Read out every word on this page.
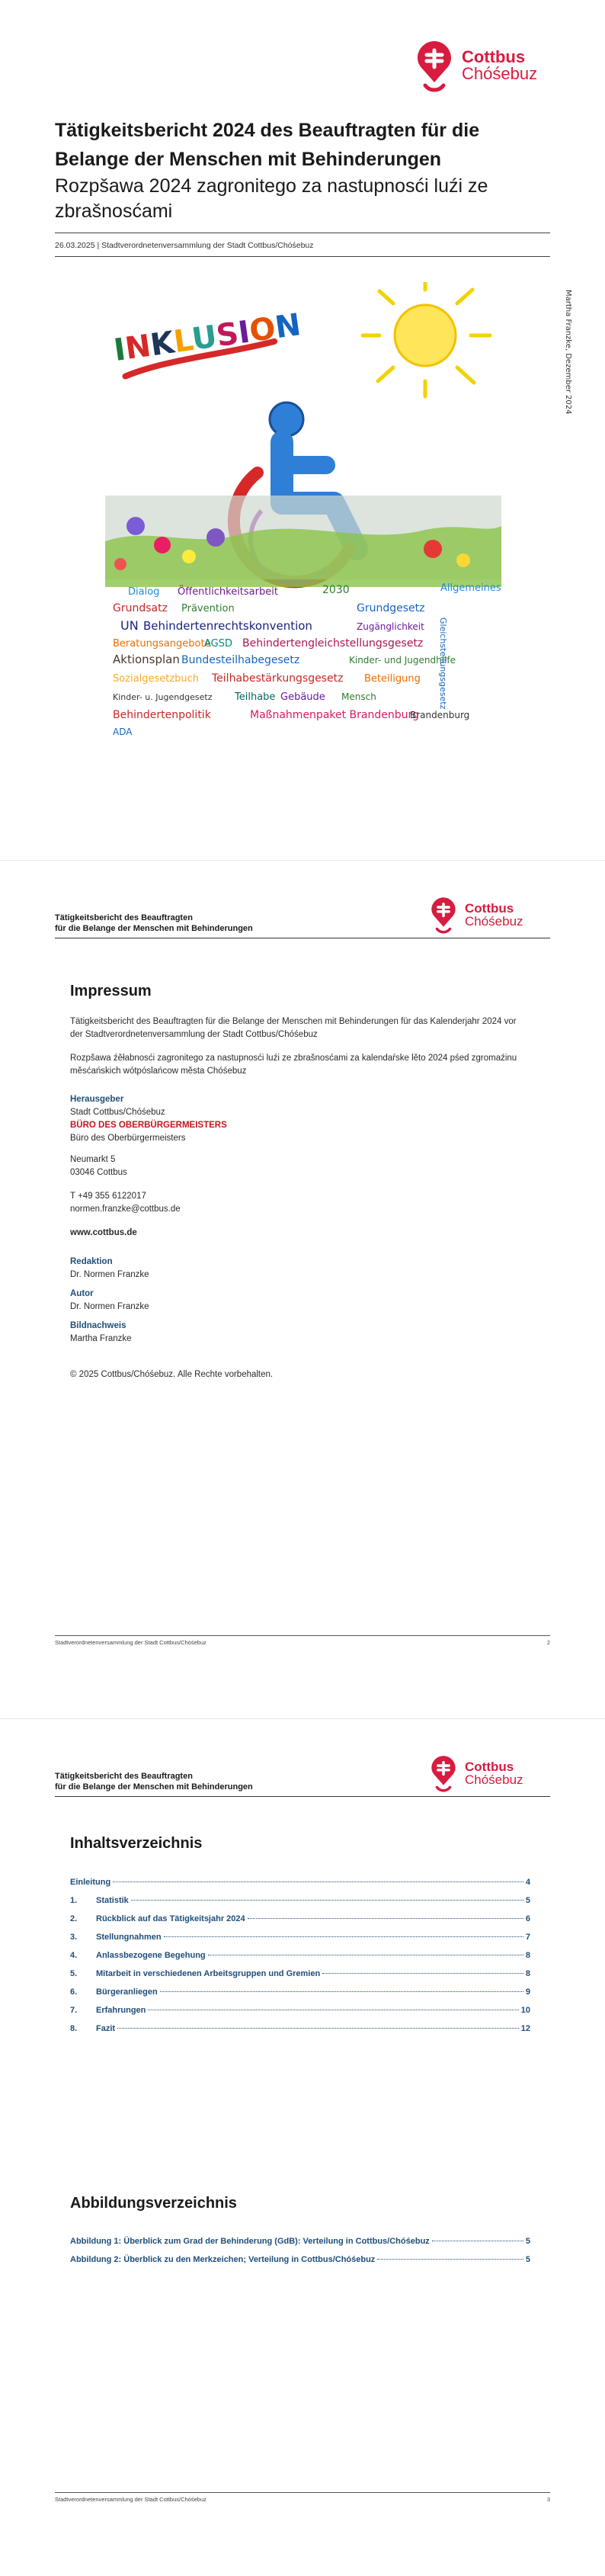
Cottbus
Chóśebuz
Tätigkeitsbericht 2024 des Beauftragten für die Belange der Menschen mit Behinderungen
Rozpšawa 2024 zagronitego za nastupnosći luźi ze zbrašnosćami
26.03.2025 | Stadtverordnetenversammlung der Stadt Cottbus/Chóśebuz
INKLUSION
Dialog Öffentlichkeitsarbeit	2030	Allgemeines
Grundsatz Prävention	Grundgesetz
UN Behindertenrechtskonvention	Zugänglichkeit
Beratungsangebote
AGSD Behindertengleichstellungsgesetz
Aktionsplan Bundesteilhabegesetz	Kinder- und Jugendhilfe
Sozialgesetzbuch Teilhabestärkungsgesetz Beteiligung
Kinder- u. Jugendgesetz Teilhabe Gebäude Mensch	Gleichstellungsgesetz
Behindertenpolitik	Maßnahmenpaket Brandenburg
Brandenburg
ADA
Martha Franzke, Dezember 2024
Tätigkeitsbericht des Beauftragten
für die Belange der Menschen mit Behinderungen
Cottbus
Chóśebuz
Impressum
Tätigkeitsbericht des Beauftragten für die Belange der Menschen mit Behinderungen für das Kalenderjahr 2024 vor der Stadtverordnetenversammlung der Stadt Cottbus/Chóśebuz
Rozpšawa źěłabnosći zagronitego za nastupnosći luźi ze zbrašnosćami za kalendaŕske lěto 2024 pśed zgromaźinu měsćańskich wótpóslańcow města Chóśebuz
Herausgeber
Stadt Cottbus/Chóśebuz
BÜRO DES OBERBÜRGERMEISTERS
Büro des Oberbürgermeisters
Neumarkt 5
03046 Cottbus
T +49 355 6122017
normen.franzke@cottbus.de
www.cottbus.de
Redaktion
Dr. Normen Franzke
Autor
Dr. Normen Franzke
Bildnachweis
Martha Franzke
© 2025 Cottbus/Chóśebuz. Alle Rechte vorbehalten.
Stadtverordnetenversammlung der Stadt Cottbus/Chóśebuz	2
Tätigkeitsbericht des Beauftragten
für die Belange der Menschen mit Behinderungen
Cottbus
Chóśebuz
Inhaltsverzeichnis
Einleitung	4
1.	Statistik	5
2.	Rückblick auf das Tätigkeitsjahr 2024	6
3.	Stellungnahmen	7
4.	Anlassbezogene Begehung	8
5.	Mitarbeit in verschiedenen Arbeitsgruppen und Gremien	8
6.	Bürgeranliegen	9
7.	Erfahrungen	10
8.	Fazit	12
Abbildungsverzeichnis
Abbildung 1: Überblick zum Grad der Behinderung (GdB): Verteilung in Cottbus/Chóśebuz	5
Abbildung 2: Überblick zu den Merkzeichen; Verteilung in Cottbus/Chóśebuz	5
Stadtverordnetenversammlung der Stadt Cottbus/Chóśebuz	3
